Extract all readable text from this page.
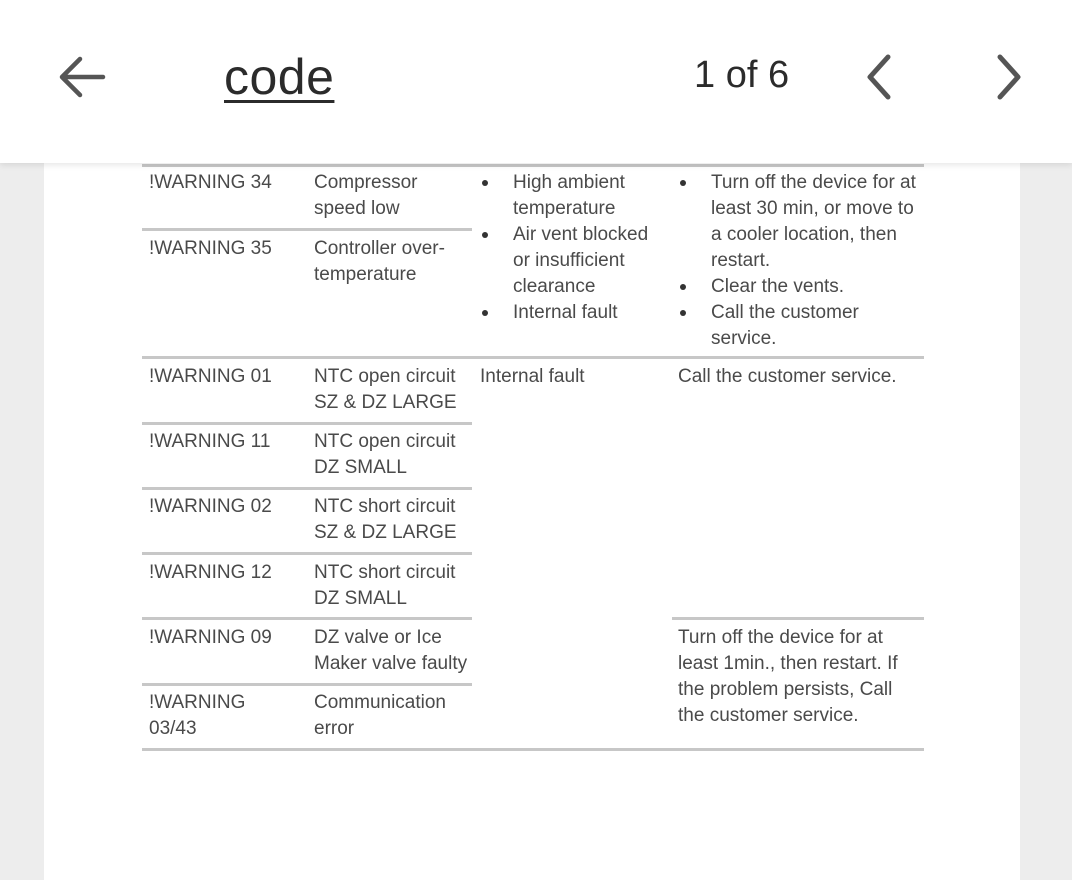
code	1 of 6
!WARNING 34 Compressor
speed low
!WARNING 35 Controller over-
temperature
High ambient
temperature
Air vent blocked
or insufficient
clearance
Internal fault
Turn off the device for at
least 30 min, or move to
a cooler location, then
restart.
Clear the vents.
Call the customer
service.
!WARNING 01 NTC open circuit
SZ & DZ LARGE
!WARNING 11 NTC open circuit
DZ SMALL
!WARNING 02 NTC short circuit
SZ & DZ LARGE
!WARNING 12 NTC short circuit
DZ SMALL
Internal fault	Call the customer service.
!WARNING 09 DZ valve or Ice
Maker valve faulty
!WARNING
03/43
Communication
error
Turn off the device for at
least 1min., then restart. If
the problem persists, Call
the customer service.
